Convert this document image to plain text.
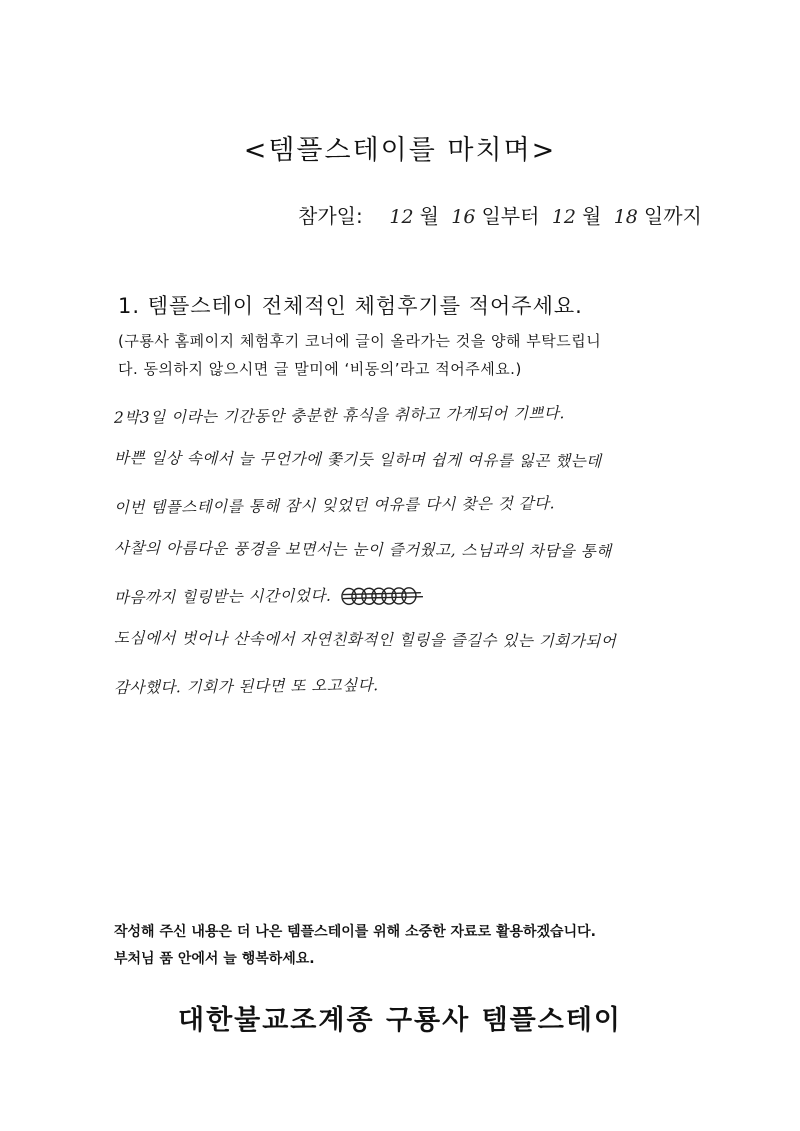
<템플스테이를 마치며>
참가일: 12 월 16 일부터 12 월 18 일까지
1. 템플스테이 전체적인 체험후기를 적어주세요.
(구룡사 홈페이지 체험후기 코너에 글이 올라가는 것을 양해 부탁드립니
다. 동의하지 않으시면 글 말미에 ‘비동의’라고 적어주세요.)
2박3일 이라는 기간동안 충분한 휴식을 취하고 가게되어 기쁘다.
바쁜 일상 속에서 늘 무언가에 쫓기듯 일하며 쉽게 여유를 잃곤 했는데
이번 템플스테이를 통해 잠시 잊었던 여유를 다시 찾은 것 같다.
사찰의 아름다운 풍경을 보면서는 눈이 즐거웠고, 스님과의 차담을 통해
마음까지 힐링받는 시간이었다.
도심에서 벗어나 산속에서 자연친화적인 힐링을 즐길수 있는 기회가되어
감사했다. 기회가 된다면 또 오고싶다.
작성해 주신 내용은 더 나은 템플스테이를 위해 소중한 자료로 활용하겠습니다.
부처님 품 안에서 늘 행복하세요.
대한불교조계종 구룡사 템플스테이
